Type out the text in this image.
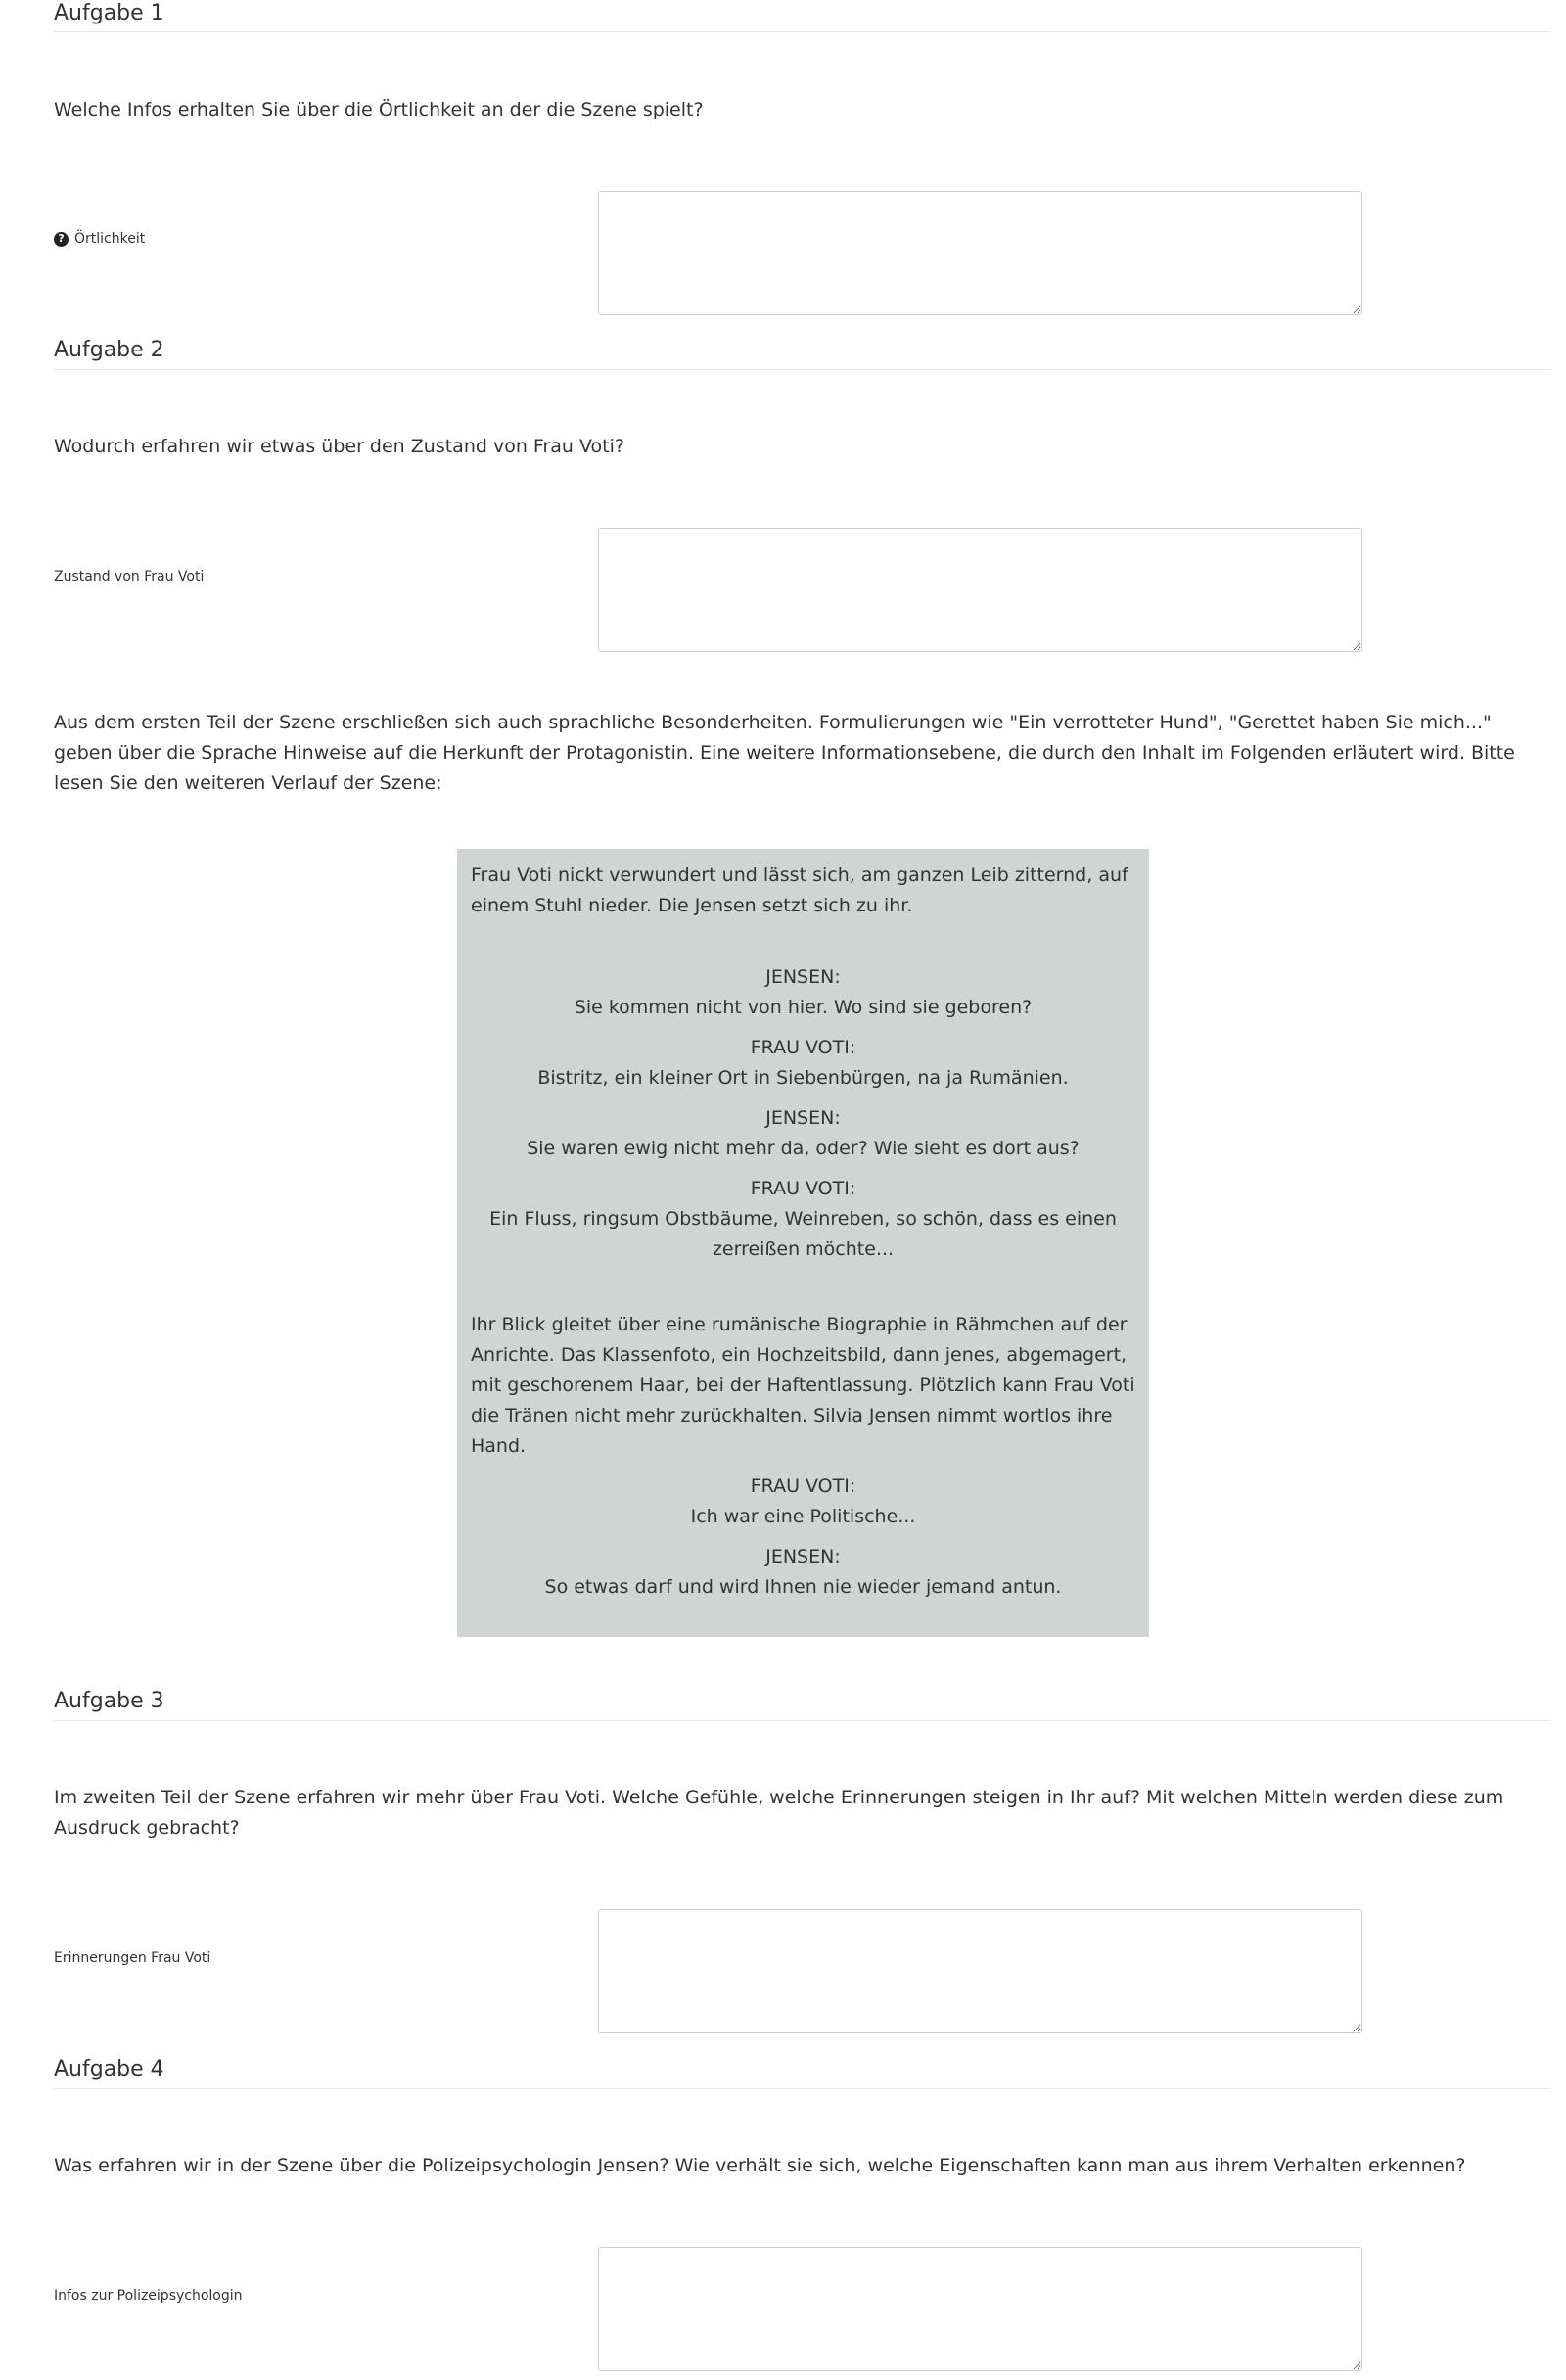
Aufgabe 1

Welche Infos erhalten Sie über die Örtlichkeit an der die Szene spielt?

? Örtlichkeit
Aufgabe 2

Wodurch erfahren wir etwas über den Zustand von Frau Voti?

Zustand von Frau Voti

Aus dem ersten Teil der Szene erschließen sich auch sprachliche Besonderheiten. Formulierungen wie "Ein verrotteter Hund", "Gerettet haben Sie mich..." geben über die Sprache Hinweise auf die Herkunft der Protagonistin. Eine weitere Informationsebene, die durch den Inhalt im Folgenden erläutert wird. Bitte lesen Sie den weiteren Verlauf der Szene:

Frau Voti nickt verwundert und lässt sich, am ganzen Leib zitternd, auf einem Stuhl nieder. Die Jensen setzt sich zu ihr.

JENSEN:
Sie kommen nicht von hier. Wo sind sie geboren?
FRAU VOTI:
Bistritz, ein kleiner Ort in Siebenbürgen, na ja Rumänien.
JENSEN:
Sie waren ewig nicht mehr da, oder? Wie sieht es dort aus?
FRAU VOTI:
Ein Fluss, ringsum Obstbäume, Weinreben, so schön, dass es einen zerreißen möchte...

Ihr Blick gleitet über eine rumänische Biographie in Rähmchen auf der Anrichte. Das Klassenfoto, ein Hochzeitsbild, dann jenes, abgemagert, mit geschorenem Haar, bei der Haftentlassung. Plötzlich kann Frau Voti die Tränen nicht mehr zurückhalten. Silvia Jensen nimmt wortlos ihre Hand.

FRAU VOTI:
Ich war eine Politische...
JENSEN:
So etwas darf und wird Ihnen nie wieder jemand antun.
Aufgabe 3

Im zweiten Teil der Szene erfahren wir mehr über Frau Voti. Welche Gefühle, welche Erinnerungen steigen in Ihr auf? Mit welchen Mitteln werden diese zum Ausdruck gebracht?

Erinnerungen Frau Voti
Aufgabe 4

Was erfahren wir in der Szene über die Polizeipsychologin Jensen? Wie verhält sie sich, welche Eigenschaften kann man aus ihrem Verhalten erkennen?

Infos zur Polizeipsychologin
